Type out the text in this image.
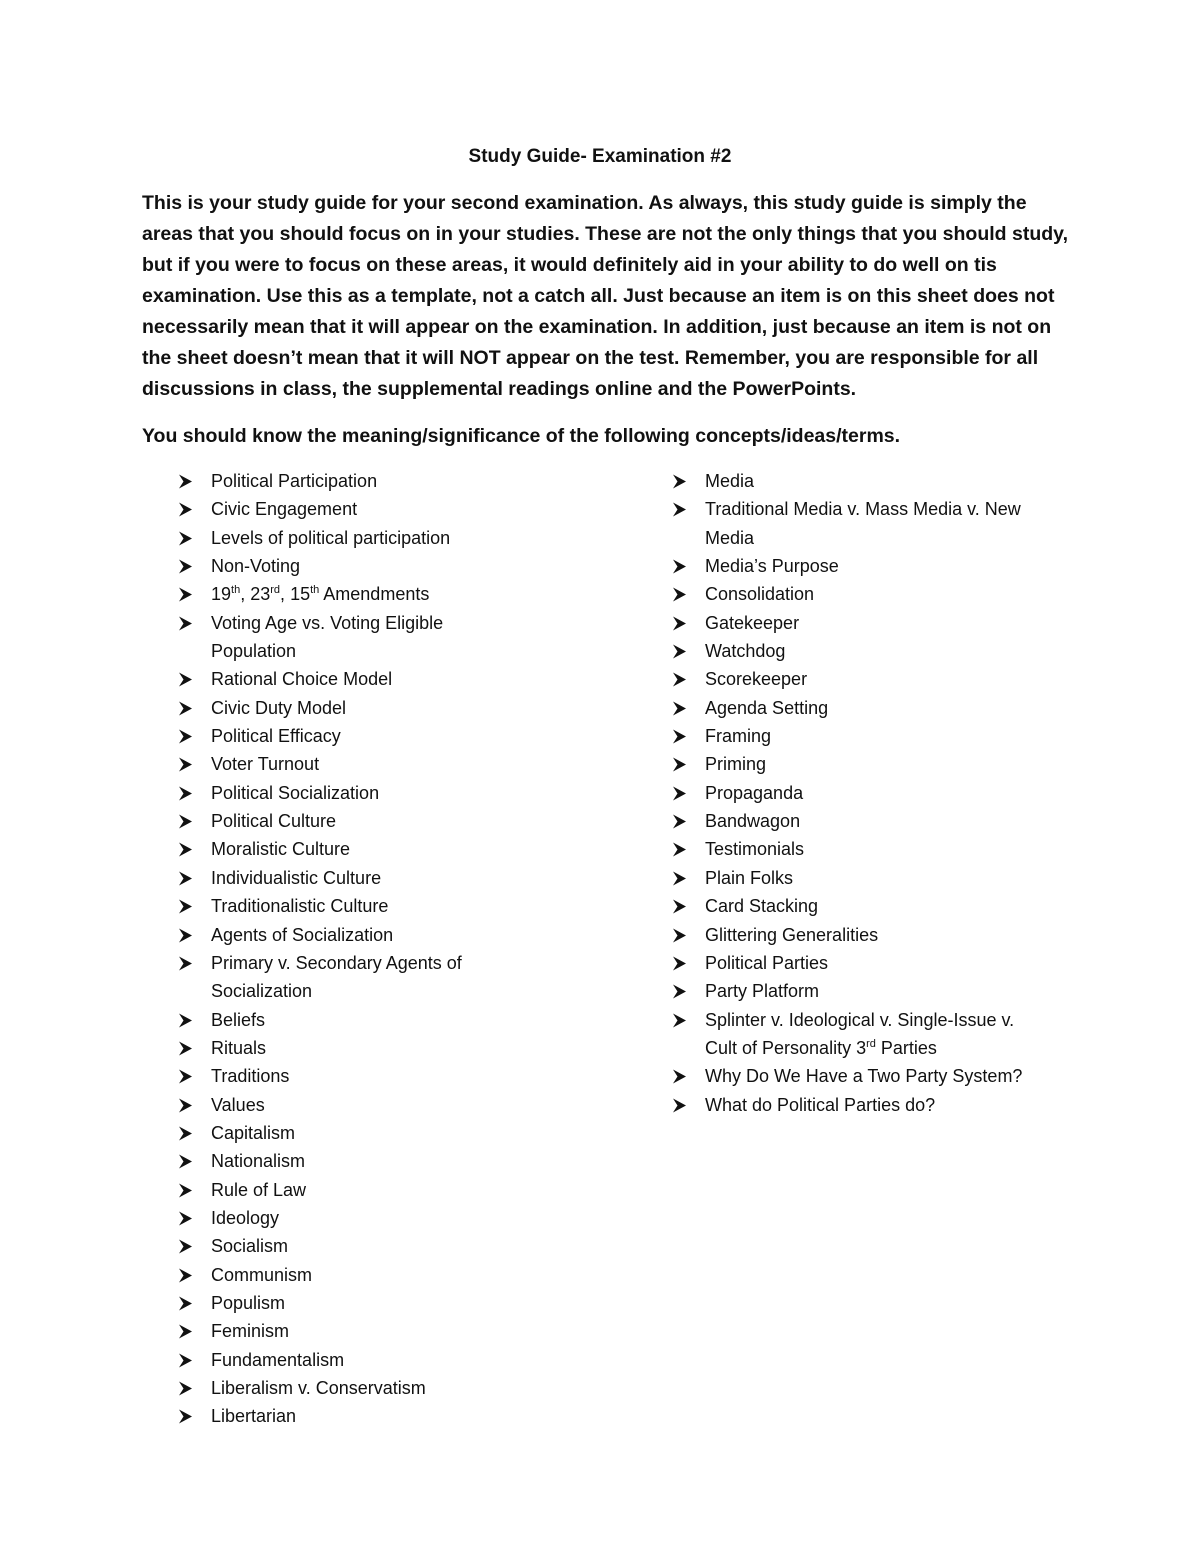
Study Guide- Examination #2

This is your study guide for your second examination. As always, this study guide is simply the areas that you should focus on in your studies. These are not the only things that you should study, but if you were to focus on these areas, it would definitely aid in your ability to do well on tis examination. Use this as a template, not a catch all. Just because an item is on this sheet does not necessarily mean that it will appear on the examination. In addition, just because an item is not on the sheet doesn’t mean that it will NOT appear on the test. Remember, you are responsible for all discussions in class, the supplemental readings online and the PowerPoints.

You should know the meaning/significance of the following concepts/ideas/terms.

Political Participation
Civic Engagement
Levels of political participation
Non-Voting
19th, 23rd, 15th Amendments
Voting Age vs. Voting Eligible Population
Rational Choice Model
Civic Duty Model
Political Efficacy
Voter Turnout
Political Socialization
Political Culture
Moralistic Culture
Individualistic Culture
Traditionalistic Culture
Agents of Socialization
Primary v. Secondary Agents of
Socialization
Beliefs
Rituals
Traditions
Values
Capitalism
Nationalism
Rule of Law
Ideology
Socialism
Communism
Populism
Feminism
Fundamentalism
Liberalism v. Conservatism
Libertarian
Media
Traditional Media v. Mass Media v. New
Media
Media’s Purpose
Consolidation
Gatekeeper
Watchdog
Scorekeeper
Agenda Setting
Framing
Priming
Propaganda
Bandwagon
Testimonials
Plain Folks
Card Stacking
Glittering Generalities
Political Parties
Party Platform
Splinter v. Ideological v. Single-Issue v.
Cult of Personality 3rd Parties
Why Do We Have a Two Party System?
What do Political Parties do?
